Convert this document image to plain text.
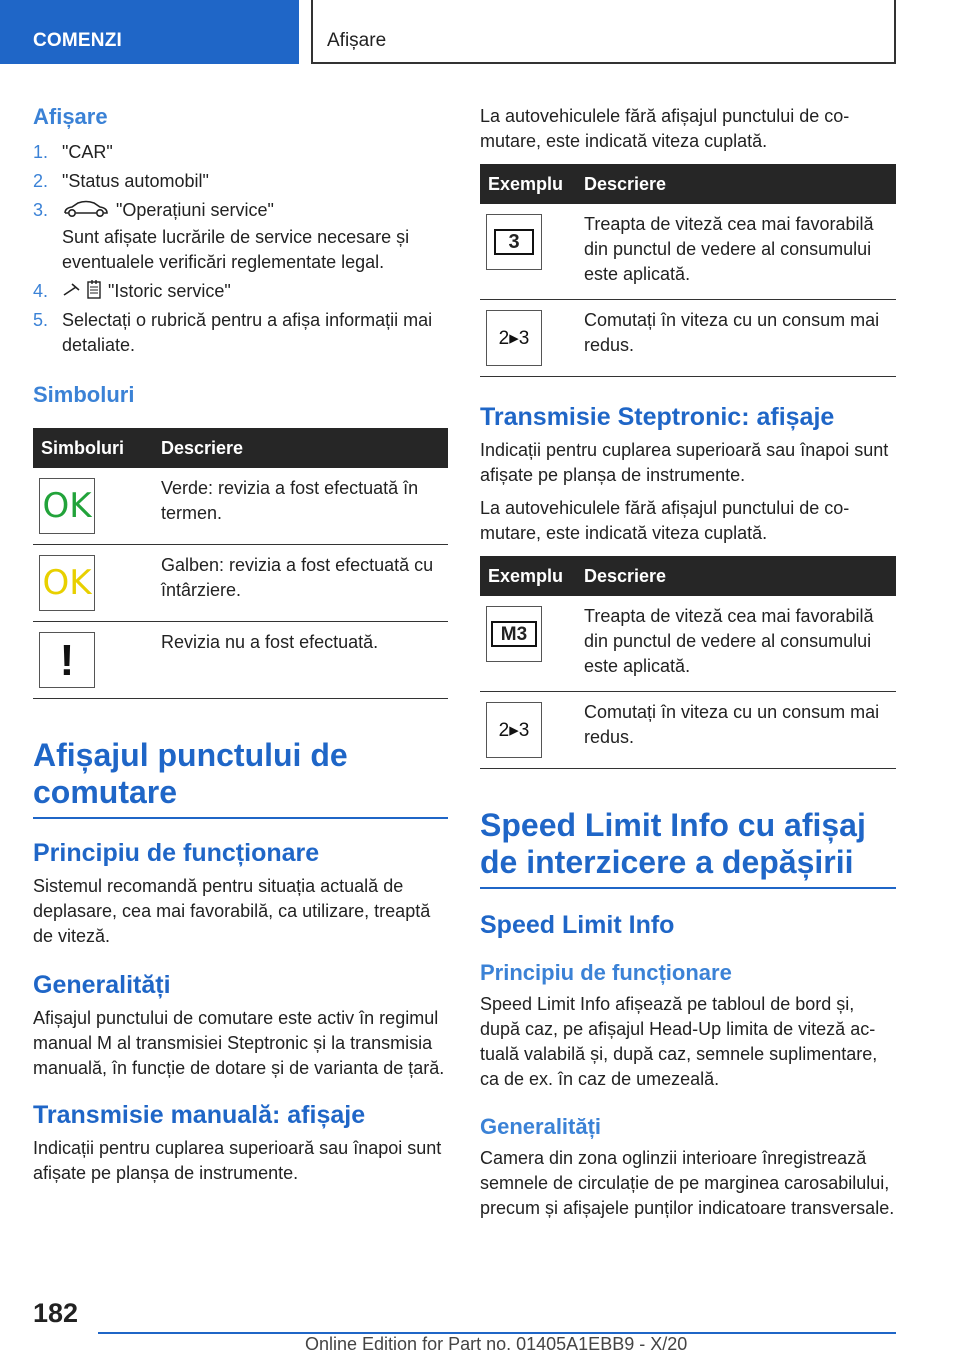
COMENZI	Afișare
Afișare
1. "CAR"
2. "Status automobil"
3.	"Operațiuni service"
Sunt afișate lucrările de service necesare și eventualele verificări reglementate legal.
4.	"Istoric service"
5. Selectați o rubrică pentru a afișa informații mai detaliate.
Simboluri
Simboluri	Descriere

OK	Verde: revizia a fost efectuată în termen.

OK	Galben: revizia a fost efectuată cu întârziere.

!	Revizia nu a fost efectuată.
Afișajul punctului de comutare
Principiu de funcționare
Sistemul recomandă pentru situația actuală de deplasare, cea mai favorabilă, ca utilizare, treaptă de viteză.
Generalități
Afișajul punctului de comutare este activ în regimul manual M al transmisiei Steptronic și la transmisia manuală, în funcție de dotare și de varianta de țară.
Transmisie manuală: afișaje
Indicații pentru cuplarea superioară sau înapoi sunt afișate pe planșa de instrumente.
La autovehiculele fără afișajul punctului de comutare, este indicată viteza cuplată.
Exemplu	Descriere

3	Treapta de viteză cea mai favorabilă din punctul de vedere al consumului este aplicată.

2▸3	Comutați în viteza cu un consum mai redus.
Transmisie Steptronic: afișaje
Indicații pentru cuplarea superioară sau înapoi sunt afișate pe planșa de instrumente.
La autovehiculele fără afișajul punctului de comutare, este indicată viteza cuplată.
Exemplu	Descriere

M3	Treapta de viteză cea mai favorabilă din punctul de vedere al consumului este aplicată.

2▸3	Comutați în viteza cu un consum mai redus.
Speed Limit Info cu afișaj de interzicere a depășirii
Speed Limit Info
Principiu de funcționare
Speed Limit Info afișează pe tabloul de bord și, după caz, pe afișajul Head-Up limita de viteză actuală valabilă și, după caz, semnele suplimentare, ca de ex. în caz de umezeală.
Generalități
Camera din zona oglinzii interioare înregistrează semnele de circulație de pe marginea carosabilului, precum și afișajele punților indicatoare transversale.
182
Online Edition for Part no. 01405A1EBB9 - X/20
